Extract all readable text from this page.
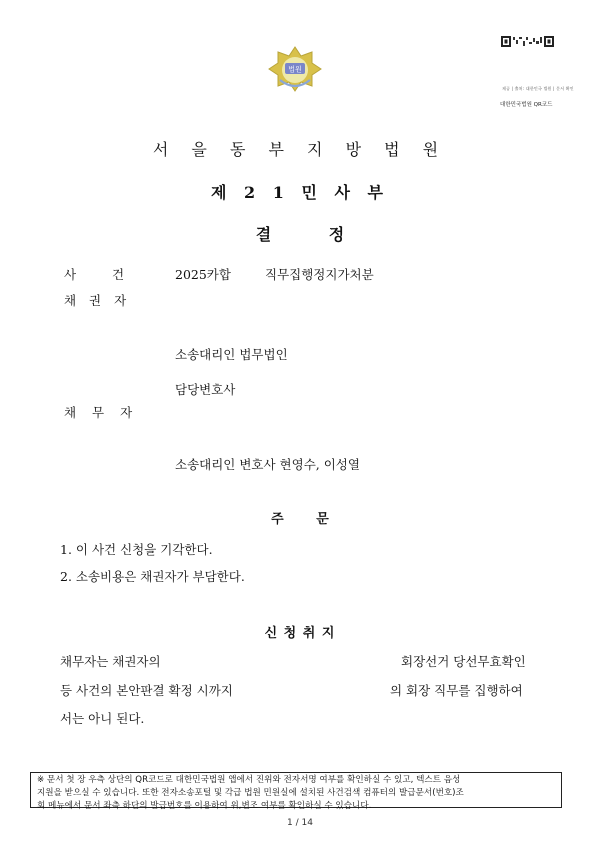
법원
제공 | 출처: 대한민국 법원 | 문서 확인
대한민국법원 QR코드
서 을 동 부 지 방 법 원
제 2 1 민 사 부
결 정
사 건	2025카합	직무집행정지가처분
채 권 자
소송대리인 법무법인
담당변호사
채 무 자
소송대리인 변호사 현영수, 이성열
주 문
1. 이 사건 신청을 기각한다.
2. 소송비용은 채권자가 부담한다.
신 청 취 지
채무자는 채권자의	회장선거 당선무효확인
등 사건의 본안판결 확정 시까지	의 회장 직무를 집행하여
서는 아니 된다.
※ 문서 첫 장 우측 상단의 QR코드로 대한민국법원 앱에서 진위와 전자서명 여부를 확인하실 수 있고, 텍스트 음성
지원을 받으실 수 있습니다. 또한 전자소송포털 및 각급 법원 민원실에 설치된 사건검색 컴퓨터의 발급문서(번호)조
회 메뉴에서 문서 좌측 하단의 발급번호를 이용하여 위,변조 여부를 확인하실 수 있습니다.
1 / 14
